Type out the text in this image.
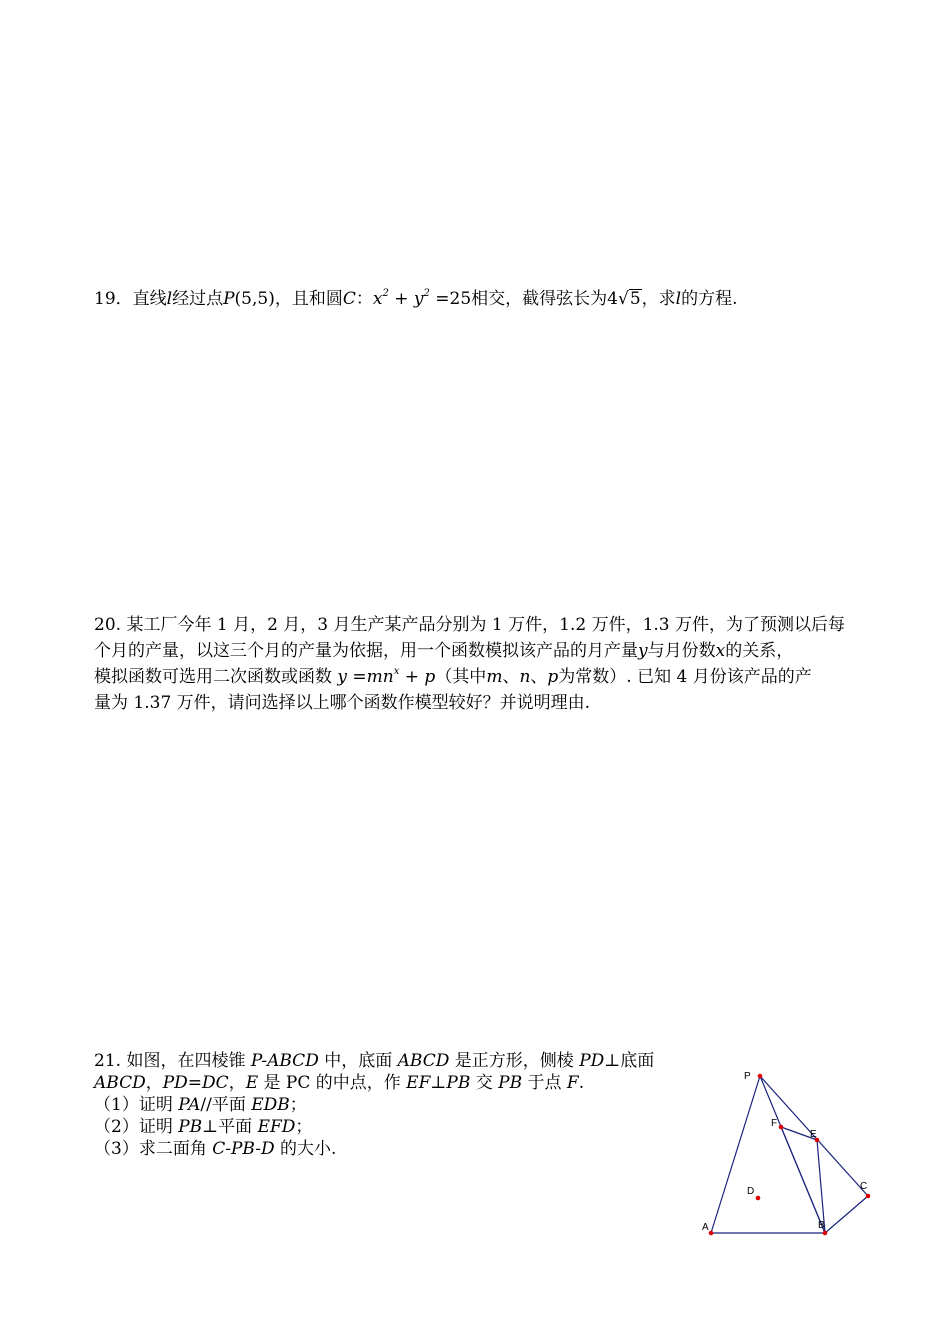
19．直线l经过点P(5,5)，且和圆C：$x^2 + y^2 =25$相交，截得弦长为4√5，求l的方程.
20. 某工厂今年 1 月，2 月，3 月生产某产品分别为 1 万件，1.2 万件，1.3 万件，为了预测以后每
个月的产量，以这三个月的产量为依据，用一个函数模拟该产品的月产量y与月份数x的关系，
模拟函数可选用二次函数或函数 $y =mn^x + p$（其中m、n、p为常数）. 已知 4 月份该产品的产
量为 1.37 万件，请问选择以上哪个函数作模型较好？并说明理由.
21. 如图，在四棱锥 P-ABCD 中，底面 ABCD 是正方形，侧棱 PD⊥底面
ABCD，PD=DC，E 是 PC 的中点，作 EF⊥PB 交 PB 于点 F.
（1）证明 PA//平面 EDB；
（2）证明 PB⊥平面 EFD；
（3）求二面角 C-PB-D 的大小.
P
F
E
D	C
A	B
